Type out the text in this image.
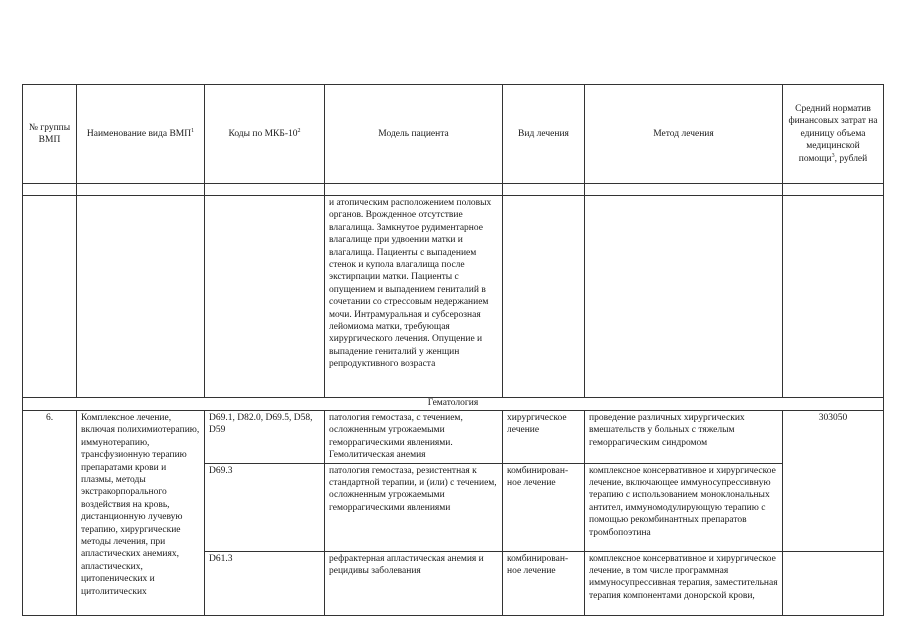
№ группы ВМП	Наименование вида ВМП$^1$	Коды по МКБ-$10^2$	Модель пациента	Вид лечения	Метод лечения	Средний норматив финансовых затрат на единицу объема медицинской помощи$^3$, рублей

			и атопическим расположением половых органов. Врожденное отсутствие влагалища. Замкнутое рудиментарное влагалище при удвоении матки и влагалища. Пациенты с выпадением стенок и купола влагалища после экстирпации матки. Пациенты с опущением и выпадением гениталий в сочетании со стрессовым недержанием мочи. Интрамуральная и субсерозная лейомиома матки, требующая хирургического лечения. Опущение и выпадение гениталий у женщин репродуктивного возраста			
Гематология						
6.	Комплексное лечение, включая полихимиотерапию, иммунотерапию, трансфузионную терапию препаратами крови и плазмы, методы экстракорпорального воздействия на кровь, дистанционную лучевую терапию, хирургические методы лечения, при апластических анемиях, апластических, цитопенических и цитолитических	D69.1, D82.0, D69.5, D58, D59	патология гемостаза, с течением, осложненным угрожаемыми геморрагическими явлениями. Гемолитическая анемия	хирургическое лечение	проведение различных хирургических вмешательств у больных с тяжелым геморрагическим синдромом	303050
		D69.3	патология гемостаза, резистентная к стандартной терапии, и (или) с течением, осложненным угрожаемыми геморрагическими явлениями	комбинирован-ное лечение	комплексное консервативное и хирургическое лечение, включающее иммуносупрессивную терапию с использованием моноклональных антител, иммуномодулирующую терапию с помощью рекомбинантных препаратов тромбопоэтина	
		D61.3	рефрактерная апластическая анемия и рецидивы заболевания	комбинирован-ное лечение	комплексное консервативное и хирургическое лечение, в том числе программная иммуносупрессивная терапия, заместительная терапия компонентами донорской крови,	
